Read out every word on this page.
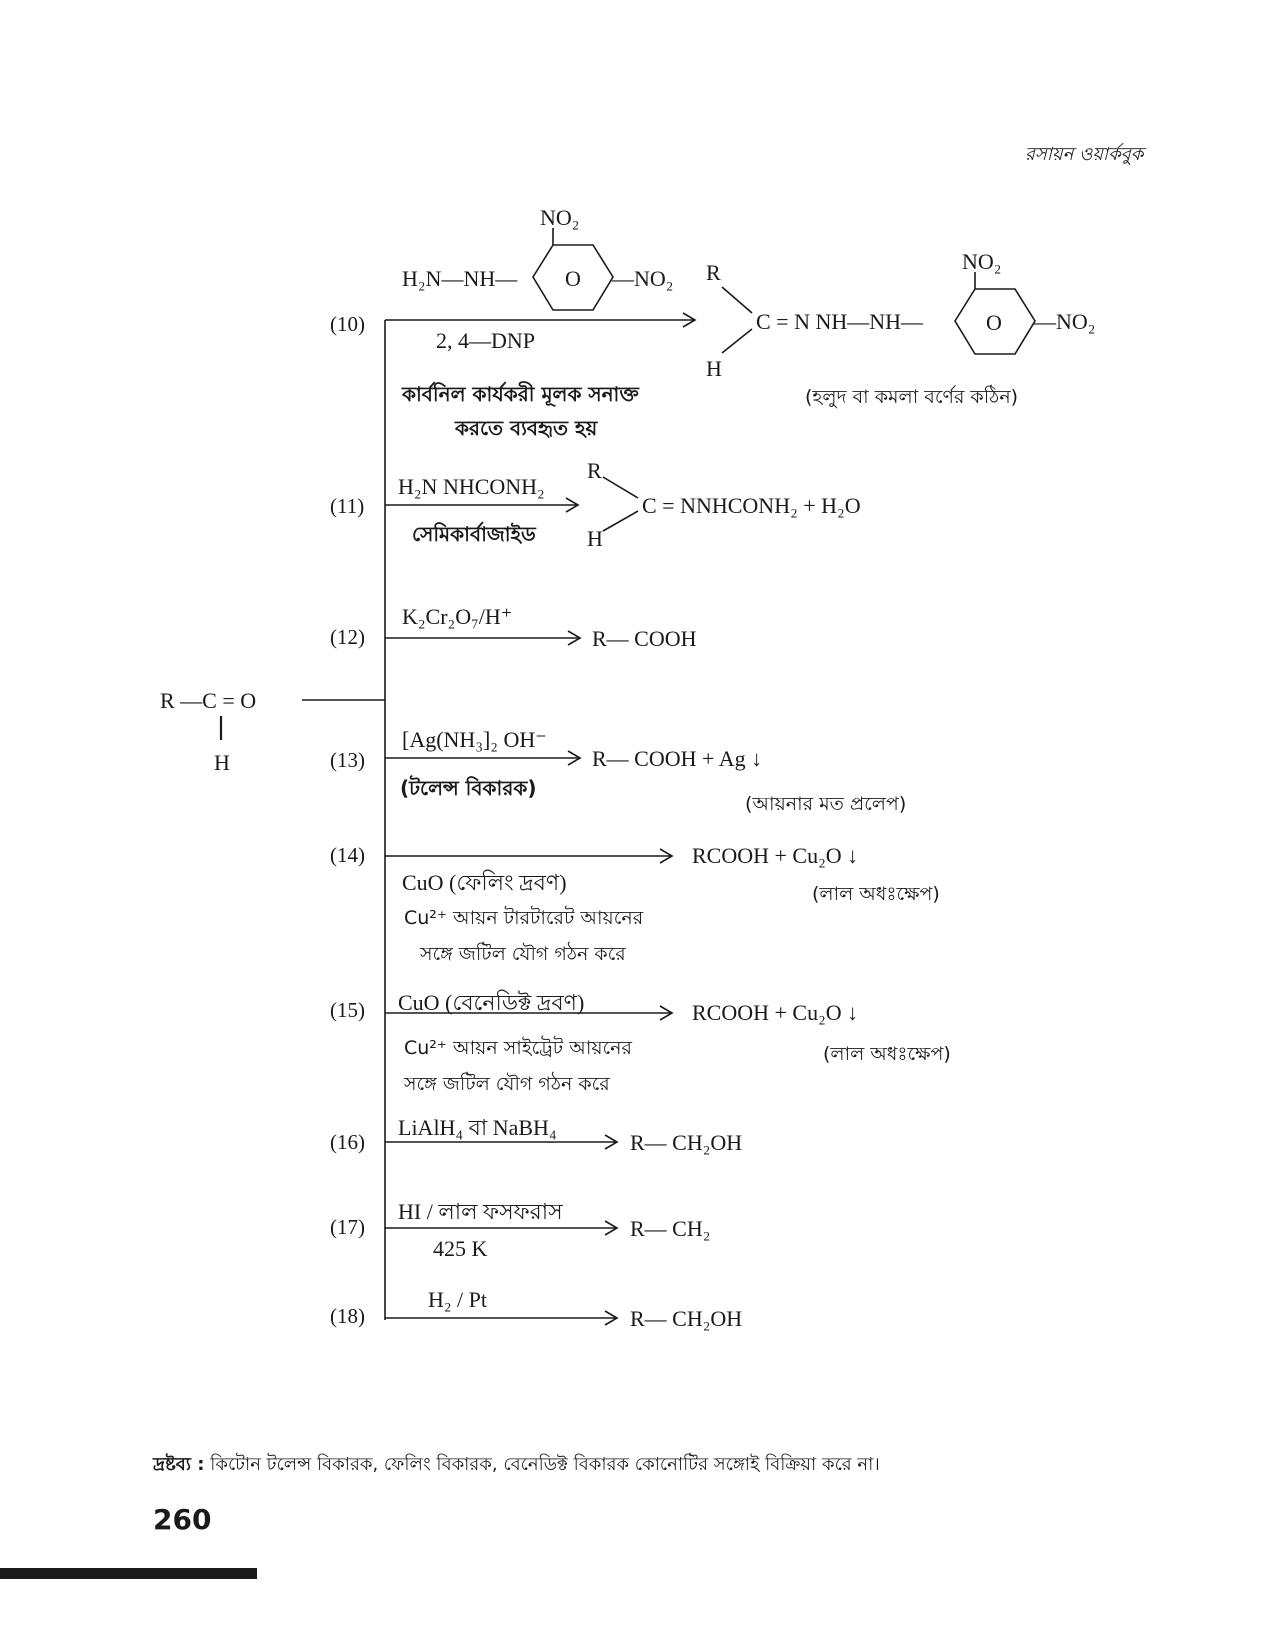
রসায়ন ওয়ার্কবুক
R —C = O
H
(10)
(11)
(12)
(13)
(14)
(15)
(16)
(17)
(18)
H₂N—NH— O
NO₂
—NO₂
2, 4—DNP
কার্বনিল কার্যকরী মূলক সনাক্ত
করতে ব্যবহৃত হয়
R
H
C = N NH—NH—	O
NO₂
—NO₂
(হলুদ বা কমলা বর্ণের কঠিন)
H₂N NHCONH₂
সেমিকার্বাজাইড
R
H
C = NNHCONH₂ + H₂O
K₂Cr₂O₇/H⁺
R— COOH
[Ag(NH₃]₂ OH⁻
(টলেন্স বিকারক)
R— COOH + Ag ↓
(আয়নার মত প্রলেপ)
CuO (ফেলিং দ্রবণ)
Cu²⁺ আয়ন টারটারেট আয়নের
সঙ্গে জটিল যৌগ গঠন করে
RCOOH + Cu₂O ↓
(লাল অধঃক্ষেপ)
CuO (বেনেডিক্ট দ্রবণ)
Cu²⁺ আয়ন সাইট্রেট আয়নের
সঙ্গে জটিল যৌগ গঠন করে
RCOOH + Cu₂O ↓
(লাল অধঃক্ষেপ)
LiAlH₄ বা NaBH₄
R— CH₂OH
HI / লাল ফসফরাস
425 K
R— CH₂
H₂ / Pt
R— CH₂OH
দ্রষ্টব্য : কিটোন টলেন্স বিকারক, ফেলিং বিকারক, বেনেডিক্ট বিকারক কোনোটির সঙ্গোই বিক্রিয়া করে না।
260
